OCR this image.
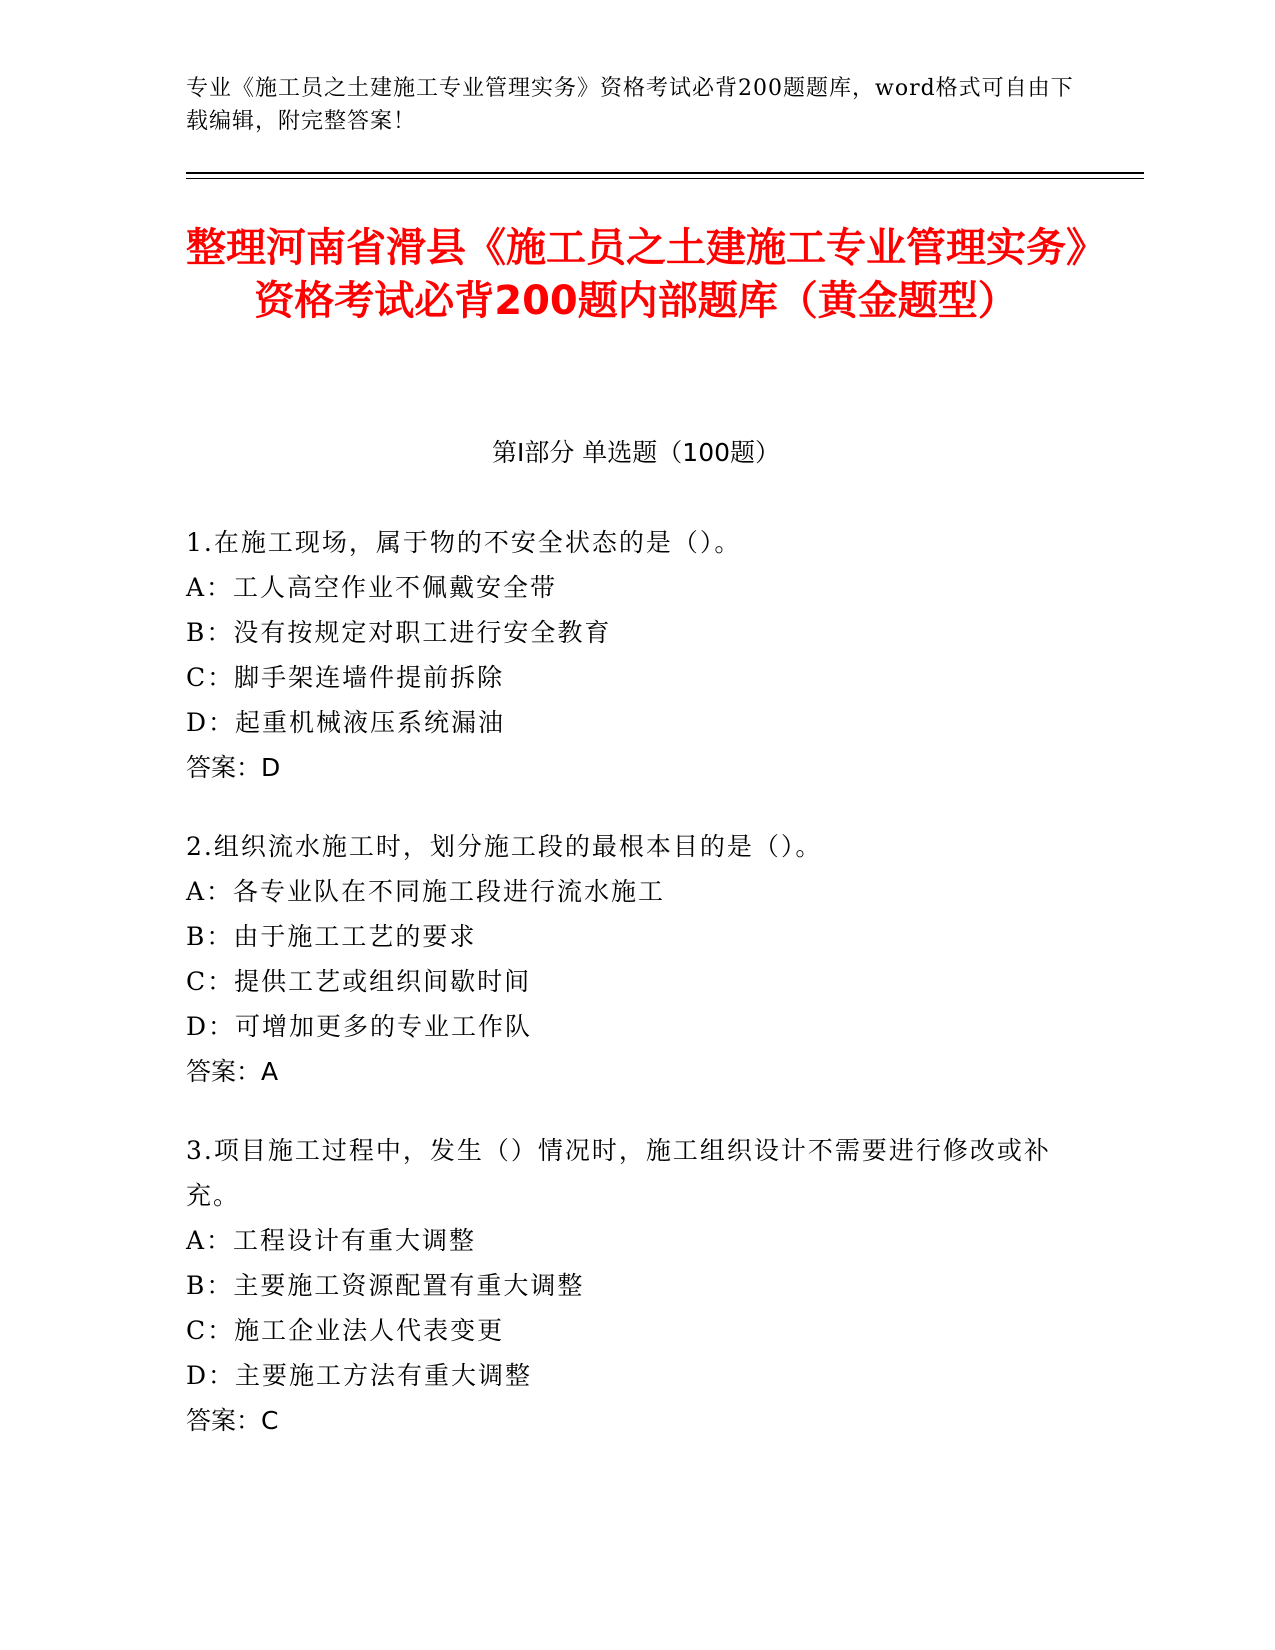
专业《施工员之土建施工专业管理实务》资格考试必背200题题库，word格式可自由下载编辑，附完整答案！
整理河南省滑县《施工员之土建施工专业管理实务》资格考试必背200题内部题库（黄金题型）
第Ⅰ部分 单选题（100题）
1.在施工现场，属于物的不安全状态的是（）。
A：工人高空作业不佩戴安全带
B：没有按规定对职工进行安全教育
C：脚手架连墙件提前拆除
D：起重机械液压系统漏油
答案：D
2.组织流水施工时，划分施工段的最根本目的是（）。
A：各专业队在不同施工段进行流水施工
B：由于施工工艺的要求
C：提供工艺或组织间歇时间
D：可增加更多的专业工作队
答案：A
3.项目施工过程中，发生（）情况时，施工组织设计不需要进行修改或补充。
A：工程设计有重大调整
B：主要施工资源配置有重大调整
C：施工企业法人代表变更
D：主要施工方法有重大调整
答案：C
